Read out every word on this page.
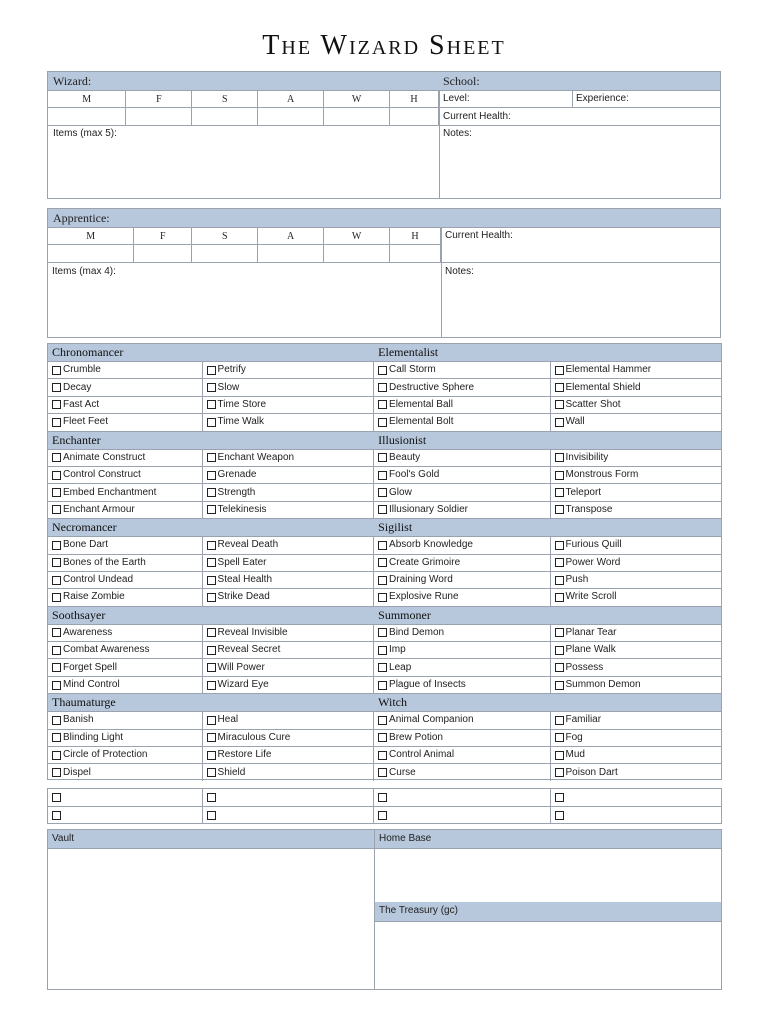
The Wizard Sheet
Wizard:	School:
M	F	S	A	W	H
						Level:	Experience:
Current Health:
Notes:
Items (max 5):
Apprentice:
M	F	S	A	W	H
						Current Health:
Notes:
Items (max 4):
Chronomancer	Elementalist
Crumble	Petrify	Call Storm	Elemental Hammer
Decay	Slow	Destructive Sphere	Elemental Shield
Fast Act	Time Store	Elemental Ball	Scatter Shot
Fleet Feet	Time Walk	Elemental Bolt	Wall
Enchanter	Illusionist
Animate Construct	Enchant Weapon	Beauty	Invisibility
Control Construct	Grenade	Fool's Gold	Monstrous Form
Embed Enchantment	Strength	Glow	Teleport
Enchant Armour	Telekinesis	Illusionary Soldier	Transpose
Necromancer	Sigilist
Bone Dart	Reveal Death	Absorb Knowledge	Furious Quill
Bones of the Earth	Spell Eater	Create Grimoire	Power Word
Control Undead	Steal Health	Draining Word	Push
Raise Zombie	Strike Dead	Explosive Rune	Write Scroll
Soothsayer	Summoner
Awareness	Reveal Invisible	Bind Demon	Planar Tear
Combat Awareness	Reveal Secret	Imp	Plane Walk
Forget Spell	Will Power	Leap	Possess
Mind Control	Wizard Eye	Plague of Insects	Summon Demon
Thaumaturge	Witch
Banish	Heal	Animal Companion	Familiar
Blinding Light	Miraculous Cure	Brew Potion	Fog
Circle of Protection	Restore Life	Control Animal	Mud
Dispel	Shield	Curse	Poison Dart
Vault	Home Base
The Treasury (gc)
